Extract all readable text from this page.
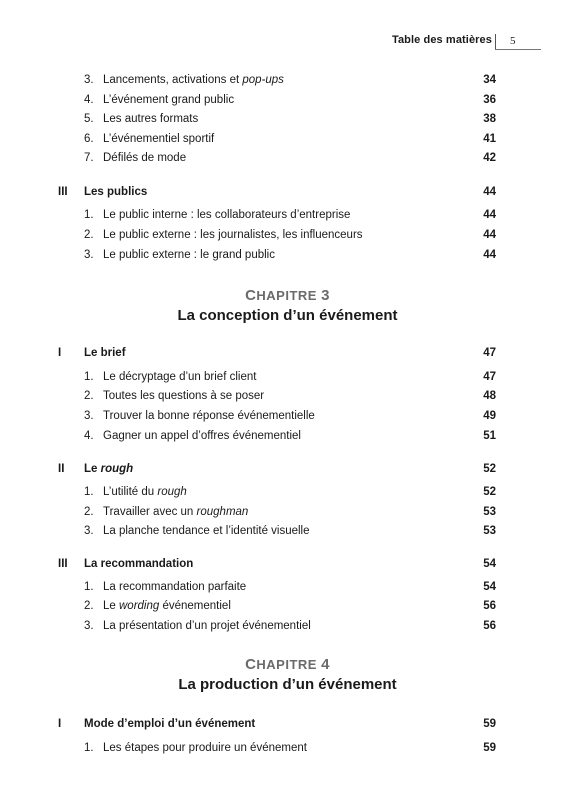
Table des matières 5
3. Lancements, activations et pop-ups	34
4. L’événement grand public	36
5. Les autres formats	38
6. L’événementiel sportif	41
7. Défilés de mode	42
III Les publics	44
1. Le public interne : les collaborateurs d’entreprise	44
2. Le public externe : les journalistes, les influenceurs	44
3. Le public externe : le grand public	44
CHAPITRE 3
La conception d’un événement
I Le brief	47
1. Le décryptage d’un brief client	47
2. Toutes les questions à se poser	48
3. Trouver la bonne réponse événementielle	49
4. Gagner un appel d’offres événementiel	51
II Le rough	52
1. L’utilité du rough	52
2. Travailler avec un roughman	53
3. La planche tendance et l’identité visuelle	53
III La recommandation	54
1. La recommandation parfaite	54
2. Le wording événementiel	56
3. La présentation d’un projet événementiel	56
CHAPITRE 4
La production d’un événement
I Mode d’emploi d’un événement	59
1. Les étapes pour produire un événement	59
